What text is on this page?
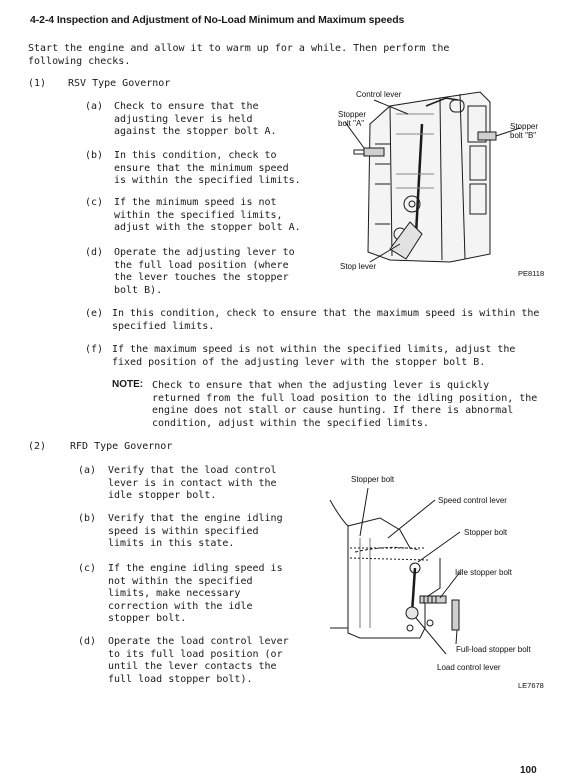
4-2-4 Inspection and Adjustment of No-Load Minimum and Maximum speeds
Start the engine and allow it to warm up for a while. Then perform the
following checks.
(1) RSV Type Governor
(a) Check to ensure that the
adjusting lever is held
against the stopper bolt A.
(b) In this condition, check to
ensure that the minimum speed
is within the specified limits.
(c) If the minimum speed is not
within the specified limits,
adjust with the stopper bolt A.
(d) Operate the adjusting lever to
the full load position (where
the lever touches the stopper
bolt B).
(e) In this condition, check to ensure that the maximum speed is within the
specified limits.
(f) If the maximum speed is not within the specified limits, adjust the
fixed position of the adjusting lever with the stopper bolt B.
NOTE: Check to ensure that when the adjusting lever is quickly
returned from the full load position to the idling position, the
engine does not stall or cause hunting. If there is abnormal
condition, adjust within the specified limits.
Control lever
Stopper
bolt "A"	Stopper
bolt "B"
Stop lever
PE8118
(2) RFD Type Governor
(a) Verify that the load control
lever is in contact with the
idle stopper bolt.
(b) Verify that the engine idling
speed is within specified
limits in this state.
(c) If the engine idling speed is
not within the specified
limits, make necessary
correction with the idle
stopper bolt.
(d) Operate the load control lever
to its full load position (or
until the lever contacts the
full load stopper bolt).
Stopper bolt
Speed control lever
Stopper bolt
Idle stopper bolt
Full-load stopper bolt
Load control lever
LE7678
100
